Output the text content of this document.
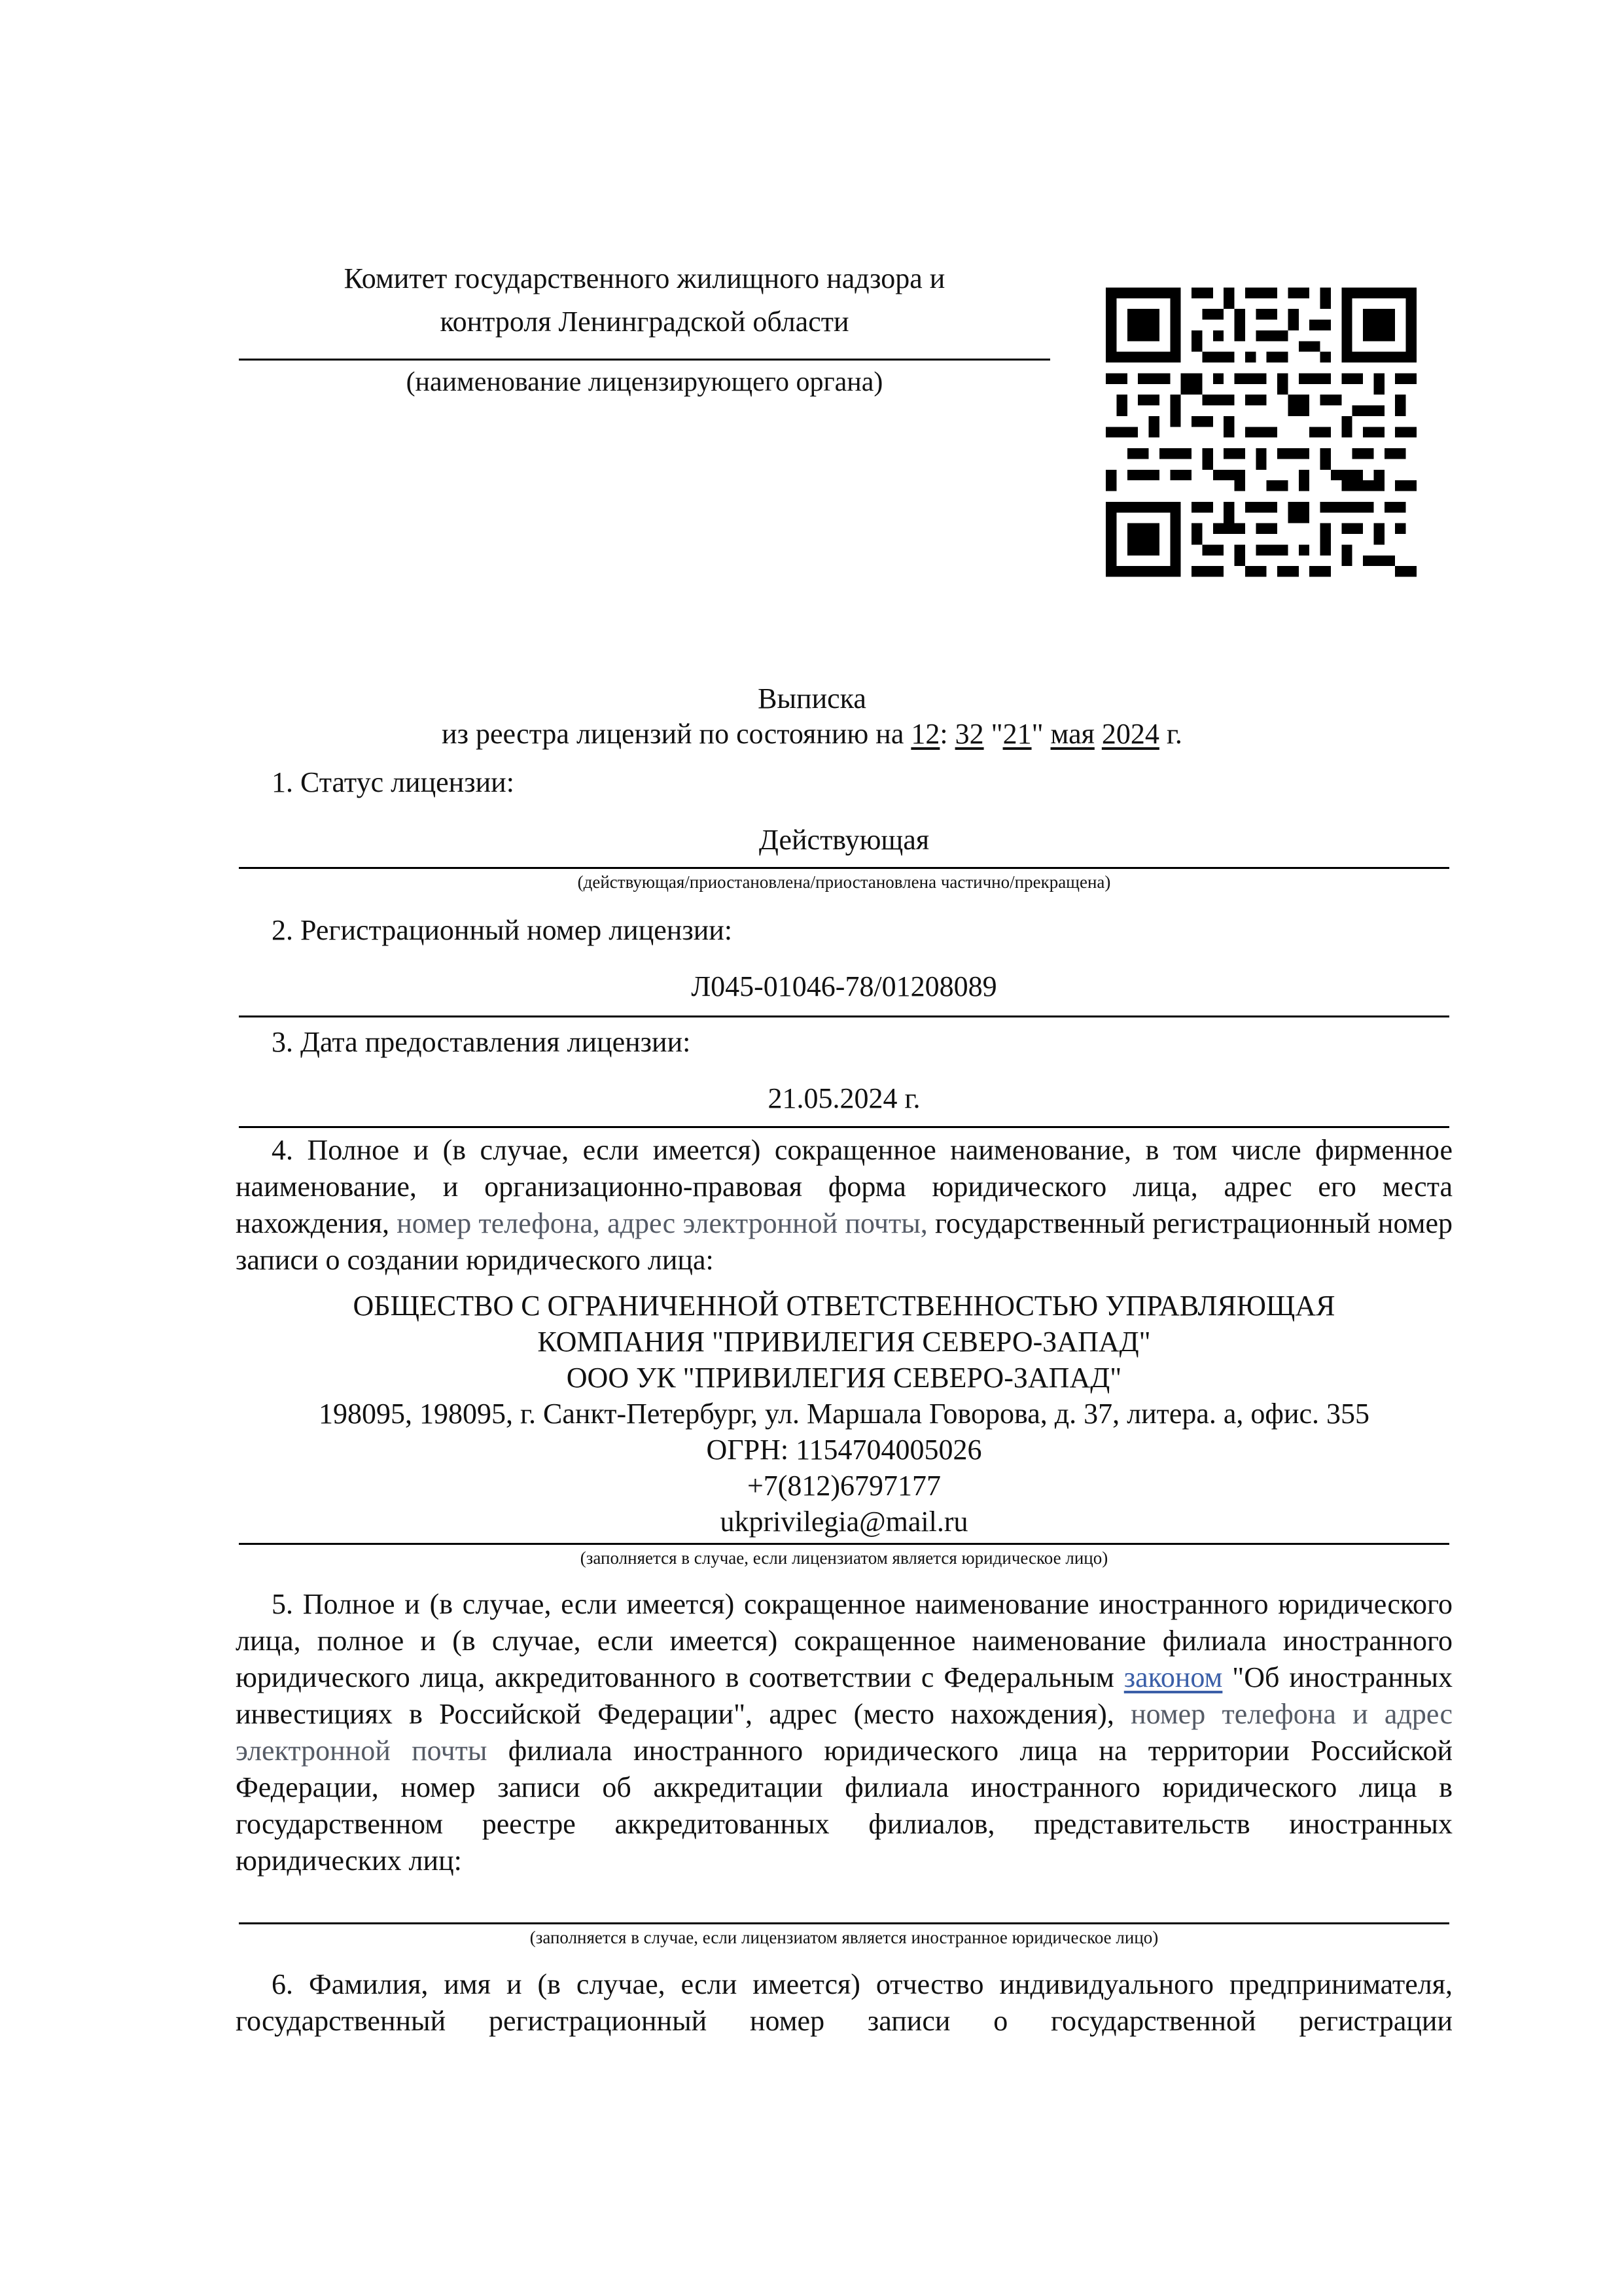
Комитет государственного жилищного надзора и
контроля Ленинградской области
(наименование лицензирующего органа)
Выписка
из реестра лицензий по состоянию на 12: 32 "21" мая 2024 г.
1. Статус лицензии:
Действующая
(действующая/приостановлена/приостановлена частично/прекращена)
2. Регистрационный номер лицензии:
Л045-01046-78/01208089
3. Дата предоставления лицензии:
21.05.2024 г.
4. Полное и (в случае, если имеется) сокращенное наименование, в том числе фирменное наименование, и организационно-правовая форма юридического лица, адрес его места нахождения, номер телефона, адрес электронной почты, государственный регистрационный номер записи о создании юридического лица:
ОБЩЕСТВО С ОГРАНИЧЕННОЙ ОТВЕТСТВЕННОСТЬЮ УПРАВЛЯЮЩАЯ
КОМПАНИЯ "ПРИВИЛЕГИЯ СЕВЕРО-ЗАПАД"
ООО УК "ПРИВИЛЕГИЯ СЕВЕРО-ЗАПАД"
198095, 198095, г. Санкт-Петербург, ул. Маршала Говорова, д. 37, литера. а, офис. 355
ОГРН: 1154704005026
+7(812)6797177
ukprivilegia@mail.ru
(заполняется в случае, если лицензиатом является юридическое лицо)
5. Полное и (в случае, если имеется) сокращенное наименование иностранного юридического лица, полное и (в случае, если имеется) сокращенное наименование филиала иностранного юридического лица, аккредитованного в соответствии с Федеральным законом "Об иностранных инвестициях в Российской Федерации", адрес (место нахождения), номер телефона и адрес электронной почты филиала иностранного юридического лица на территории Российской Федерации, номер записи об аккредитации филиала иностранного юридического лица в государственном реестре аккредитованных филиалов, представительств иностранных юридических лиц:
(заполняется в случае, если лицензиатом является иностранное юридическое лицо)
6. Фамилия, имя и (в случае, если имеется) отчество индивидуального предпринимателя,
государственный регистрационный номер записи о государственной регистрации
